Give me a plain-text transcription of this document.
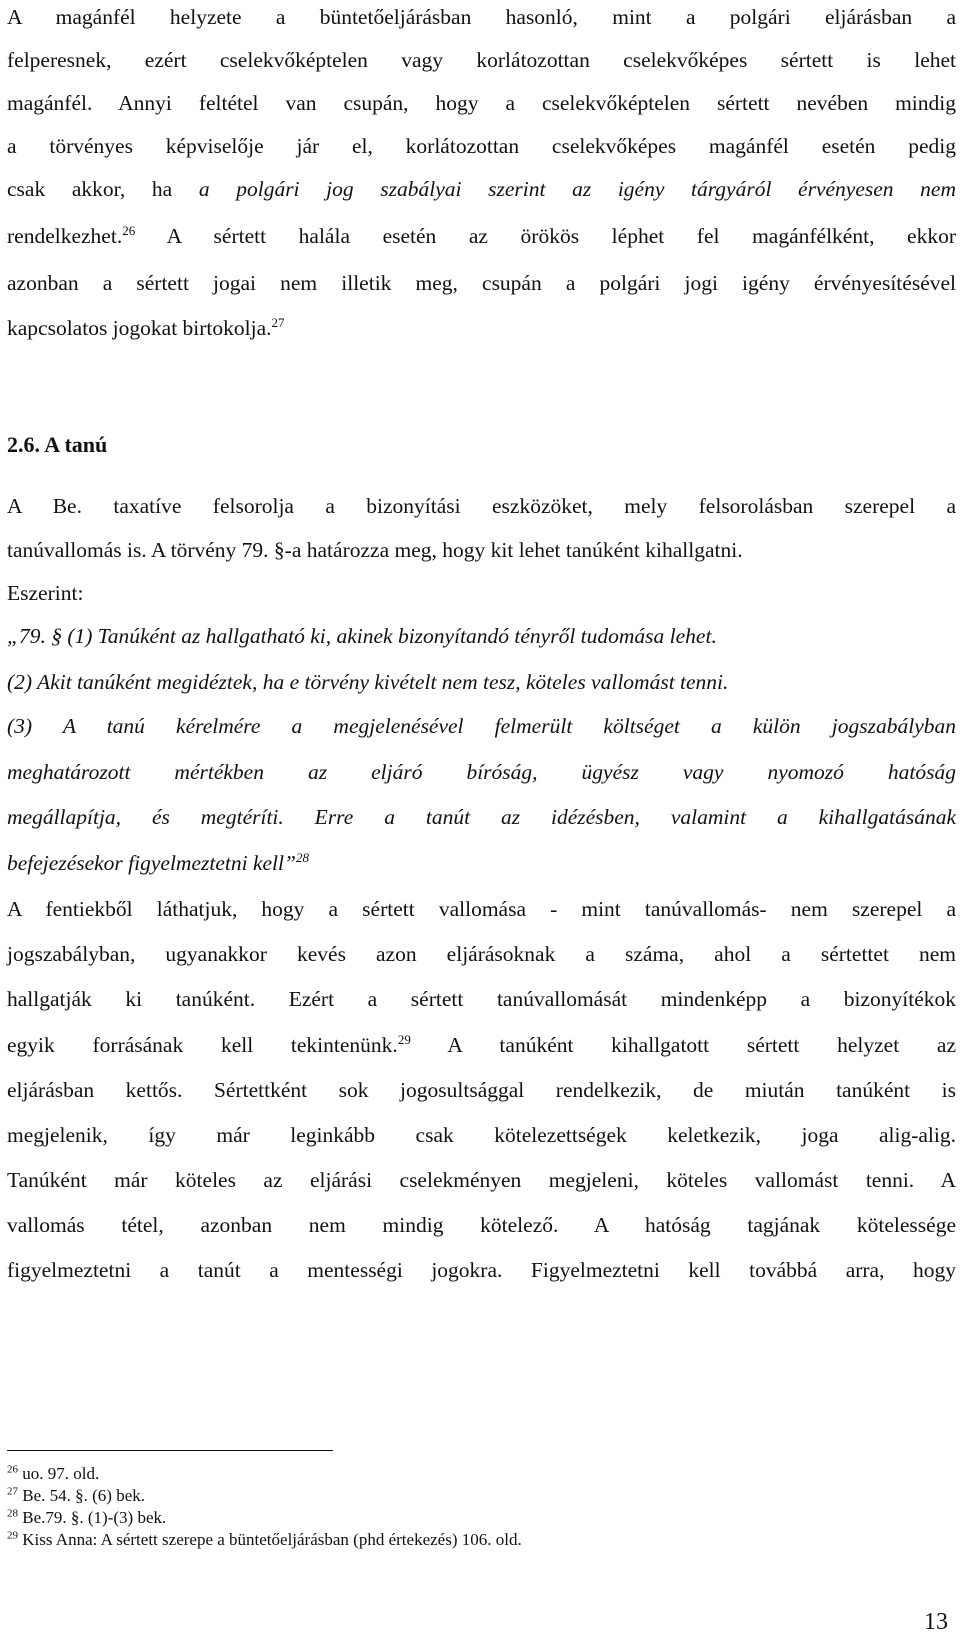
A magánfél helyzete a büntetőeljárásban hasonló, mint a polgári eljárásban a
felperesnek, ezért cselekvőképtelen vagy korlátozottan cselekvőképes sértett is lehet
magánfél. Annyi feltétel van csupán, hogy a cselekvőképtelen sértett nevében mindig
a törvényes képviselője jár el, korlátozottan cselekvőképes magánfél esetén pedig
csak akkor, ha a polgári jog szabályai szerint az igény tárgyáról érvényesen nem
rendelkezhet.$^{26}$ A sértett halála esetén az örökös léphet fel magánfélként, ekkor
azonban a sértett jogai nem illetik meg, csupán a polgári jogi igény érvényesítésével
kapcsolatos jogokat birtokolja.$^{27}$
2.6. A tanú
A Be. taxatíve felsorolja a bizonyítási eszközöket, mely felsorolásban szerepel a
tanúvallomás is. A törvény 79. §-a határozza meg, hogy kit lehet tanúként kihallgatni.
Eszerint:
„79. § (1) Tanúként az hallgatható ki, akinek bizonyítandó tényről tudomása lehet.
(2) Akit tanúként megidéztek, ha e törvény kivételt nem tesz, köteles vallomást tenni.
(3) A tanú kérelmére a megjelenésével felmerült költséget a külön jogszabályban
meghatározott mértékben az eljáró bíróság, ügyész vagy nyomozó hatóság
megállapítja, és megtéríti. Erre a tanút az idézésben, valamint a kihallgatásának
befejezésekor figyelmeztetni kell”$^{28}$
A fentiekből láthatjuk, hogy a sértett vallomása - mint tanúvallomás- nem szerepel a
jogszabályban, ugyanakkor kevés azon eljárásoknak a száma, ahol a sértettet nem
hallgatják ki tanúként. Ezért a sértett tanúvallomását mindenképp a bizonyítékok
egyik forrásának kell tekintenünk.$^{29}$ A tanúként kihallgatott sértett helyzet az
eljárásban kettős. Sértettként sok jogosultsággal rendelkezik, de miután tanúként is
megjelenik, így már leginkább csak kötelezettségek keletkezik, joga alig-alig.
Tanúként már köteles az eljárási cselekményen megjeleni, köteles vallomást tenni. A
vallomás tétel, azonban nem mindig kötelező. A hatóság tagjának kötelessége
figyelmeztetni a tanút a mentességi jogokra. Figyelmeztetni kell továbbá arra, hogy
$^{26}$ uo. 97. old.
$^{27}$ Be. 54. §. (6) bek.
$^{28}$ Be.79. §. (1)-(3) bek.
$^{29}$ Kiss Anna: A sértett szerepe a büntetőeljárásban (phd értekezés) 106. old.
13
